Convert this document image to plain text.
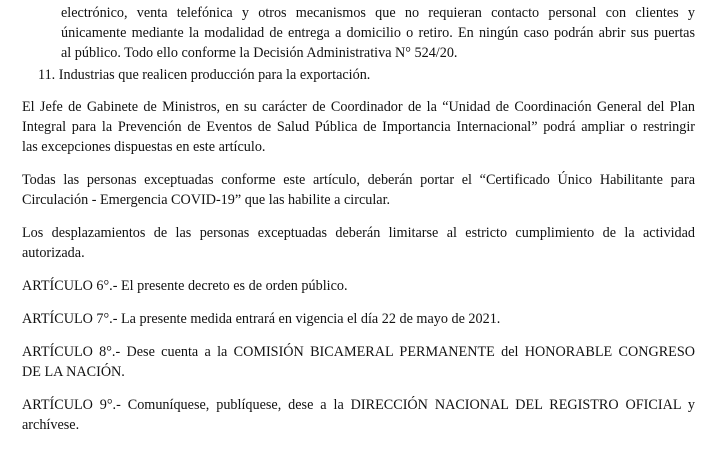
electrónico, venta telefónica y otros mecanismos que no requieran contacto personal con clientes y
únicamente mediante la modalidad de entrega a domicilio o retiro. En ningún caso podrán abrir sus puertas
al público. Todo ello conforme la Decisión Administrativa N° 524/20.
11. Industrias que realicen producción para la exportación.
El Jefe de Gabinete de Ministros, en su carácter de Coordinador de la “Unidad de Coordinación General del Plan
Integral para la Prevención de Eventos de Salud Pública de Importancia Internacional” podrá ampliar o restringir
las excepciones dispuestas en este artículo.
Todas las personas exceptuadas conforme este artículo, deberán portar el “Certificado Único Habilitante para
Circulación - Emergencia COVID-19” que las habilite a circular.
Los desplazamientos de las personas exceptuadas deberán limitarse al estricto cumplimiento de la actividad
autorizada.
ARTÍCULO 6°.- El presente decreto es de orden público.
ARTÍCULO 7°.- La presente medida entrará en vigencia el día 22 de mayo de 2021.
ARTÍCULO 8°.- Desе cuenta a la COMISIÓN BICAMERAL PERMANENTE del HONORABLE CONGRESO
DE LA NACIÓN.
ARTÍCULO 9°.- Comuníquese, publíquese, dese a la DIRECCIÓN NACIONAL DEL REGISTRO OFICIAL y
archívese.
